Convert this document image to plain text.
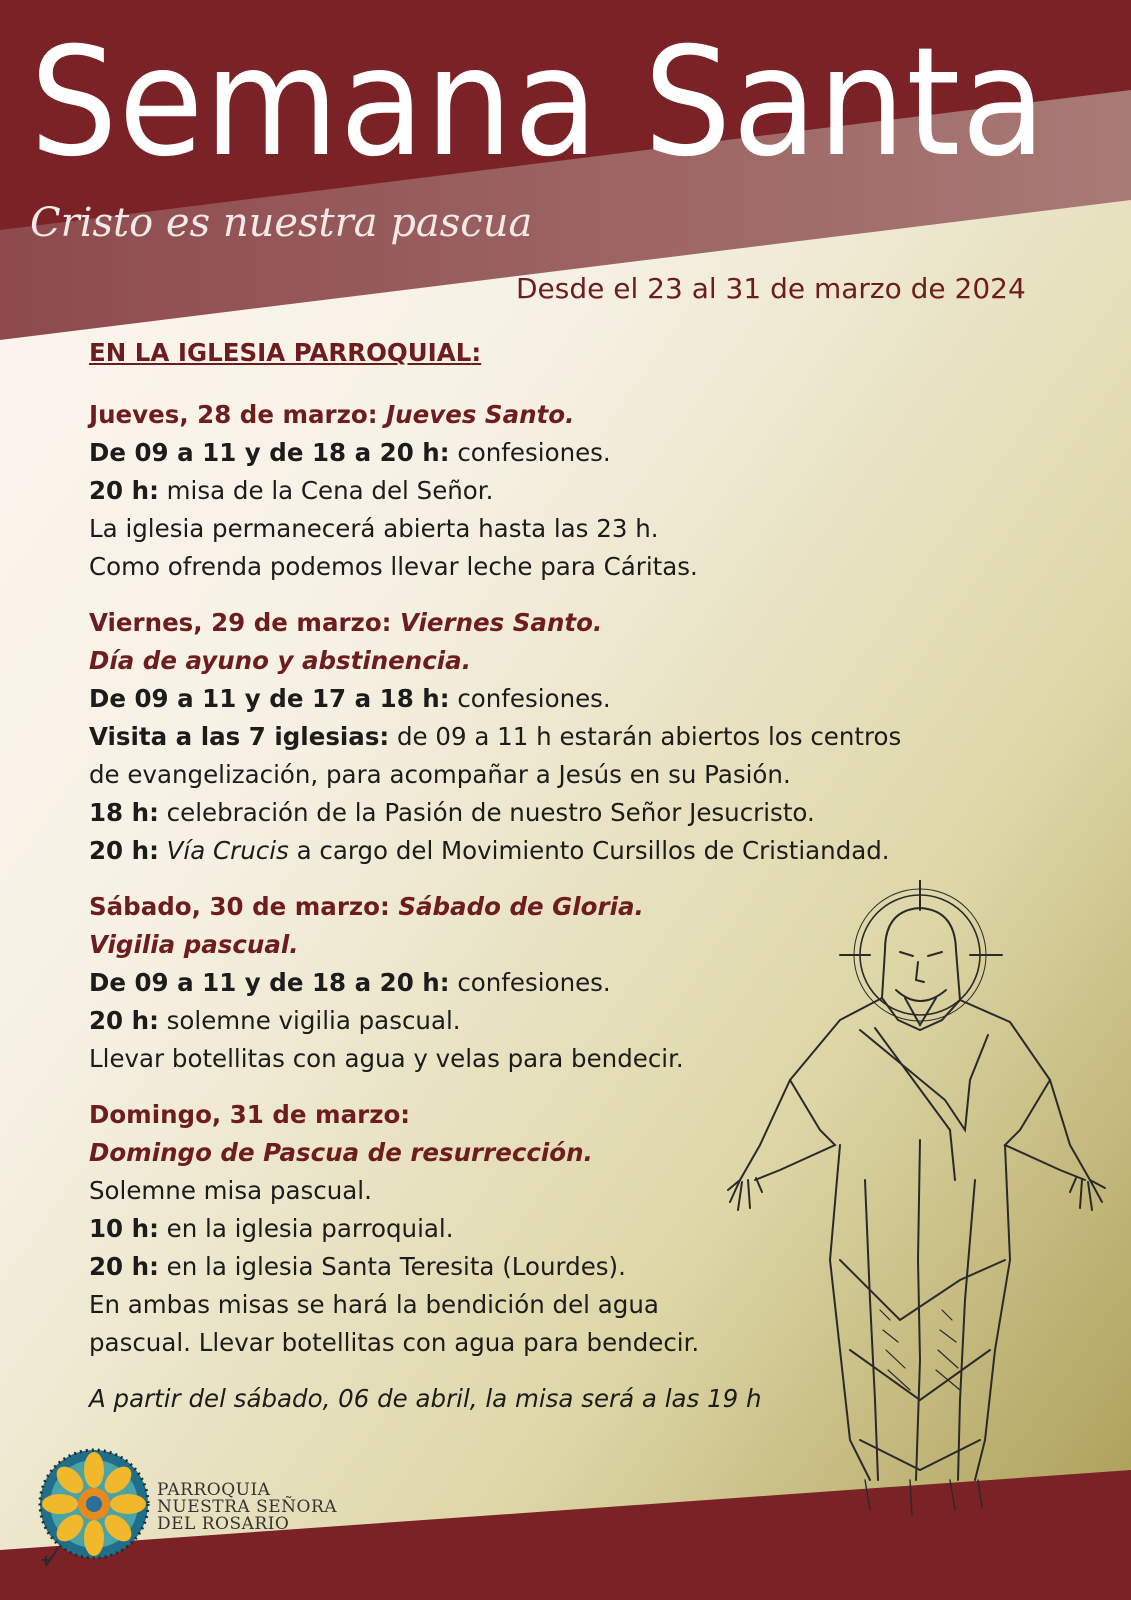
Semana Santa
Cristo es nuestra pascua
Desde el 23 al 31 de marzo de 2024
EN LA IGLESIA PARROQUIAL:
Jueves, 28 de marzo: Jueves Santo.
De 09 a 11 y de 18 a 20 h: confesiones.
20 h: misa de la Cena del Señor.
La iglesia permanecerá abierta hasta las 23 h.
Como ofrenda podemos llevar leche para Cáritas.
Viernes, 29 de marzo: Viernes Santo.
Día de ayuno y abstinencia.
De 09 a 11 y de 17 a 18 h: confesiones.
Visita a las 7 iglesias: de 09 a 11 h estarán abiertos los centros
de evangelización, para acompañar a Jesús en su Pasión.
18 h: celebración de la Pasión de nuestro Señor Jesucristo.
20 h: Vía Crucis a cargo del Movimiento Cursillos de Cristiandad.
Sábado, 30 de marzo: Sábado de Gloria.
Vigilia pascual.
De 09 a 11 y de 18 a 20 h: confesiones.
20 h: solemne vigilia pascual.
Llevar botellitas con agua y velas para bendecir.
Domingo, 31 de marzo:
Domingo de Pascua de resurrección.
Solemne misa pascual.
10 h: en la iglesia parroquial.
20 h: en la iglesia Santa Teresita (Lourdes).
En ambas misas se hará la bendición del agua
pascual. Llevar botellitas con agua para bendecir.
A partir del sábado, 06 de abril, la misa será a las 19 h
PARROQUIA
NUESTRA SEÑORA
DEL ROSARIO
